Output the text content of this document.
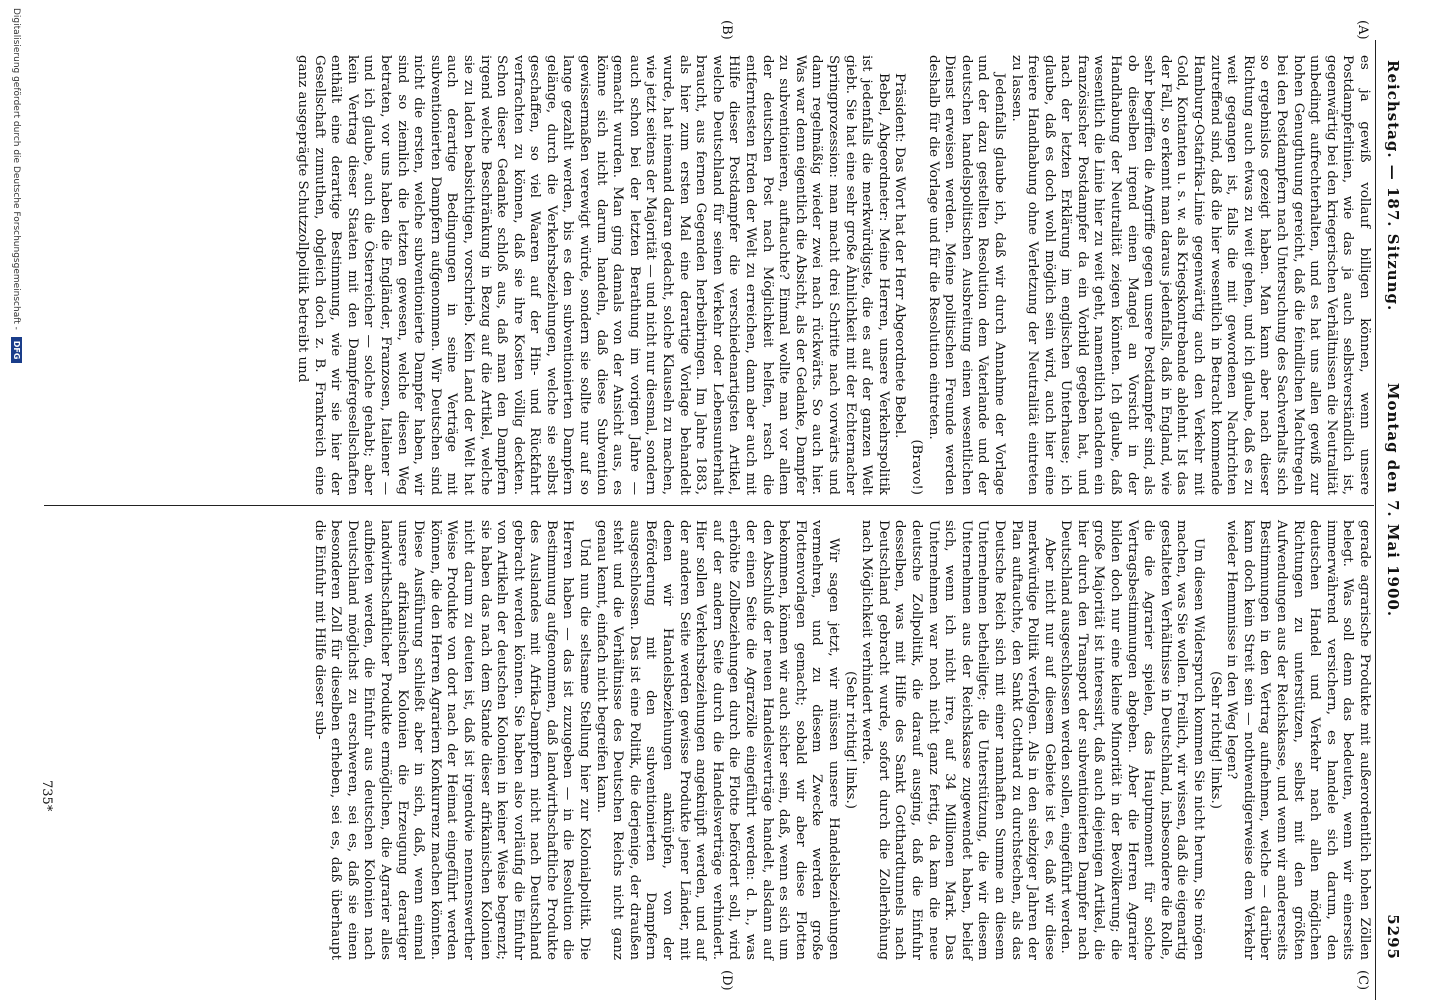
Reichstag. — 187. Sitzung.
Montag den 7. Mai 1900.
5295
(A)
(B)
(C)
(D)

es ja gewiß vollauf billigen können, wenn unsere Postdampferlinien, wie das ja auch selbstverständlich ist, gegenwärtig bei den kriegerischen Verhältnissen die Neutralität unbedingt aufrechterhalten, und es hat uns allen gewiß zur hohen Genugthuung gereicht, daß die feindlichen Machtregeln bei den Postdampfern nach Untersuchung des Sachverhalts sich so ergebnislos gezeigt haben. Man kann aber nach dieser Richtung auch etwas zu weit gehen, und ich glaube, daß es zu weit gegangen ist, falls die mit gewordenen Nachrichten zutreffend sind, daß die hier wesentlich in Betracht kommende Hamburg-Ostafrika-Linie gegenwärtig auch den Verkehr mit Gold, Kontanten u. s. w. als Kriegskontrebande ablehnt. Ist das der Fall, so erkennt man daraus jedenfalls, daß in England, wie sehr begriffen die Angriffe gegen unsere Postdampfer sind, als ob dieselben irgend einen Mangel an Vorsicht in der Handhabung der Neutralität zeigen könnten. Ich glaube, daß wesentlich die Linie hier zu weit geht, namentlich nachdem ein französischer Postdampfer da ein Vorbild gegeben hat, und nach der letzten Erklärung im englischen Unterhause; ich glaube, daß es doch wohl möglich sein wird, auch hier eine freiere Handhabung ohne Verletzung der Neutralität eintreten zu lassen.

Jedenfalls glaube ich, daß wir durch Annahme der Vorlage und der dazu gestellten Resolution dem Vaterlande und der deutschen handelspolitischen Ausbreitung einen wesentlichen Dienst erweisen werden. Meine politischen Freunde werden deshalb für die Vorlage und für die Resolution eintreten.

(Bravo!)

Präsident: Das Wort hat der Herr Abgeordnete Bebel.

Bebel, Abgeordneter: Meine Herren, unsere Verkehrspolitik ist jedenfalls die merkwürdigste, die es auf der ganzen Welt giebt. Sie hat eine sehr große Ähnlichkeit mit der Echternacher Springprozession: man macht drei Schritte nach vorwärts und dann regelmäßig wieder zwei nach rückwärts. So auch hier. Was war denn eigentlich die Absicht, als der Gedanke, Dampfer zu subventionieren, auftauchte? Einmal wollte man vor allem der deutschen Post nach Möglichkeit helfen, rasch die entferntesten Erden der Welt zu erreichen, dann aber auch mit Hilfe dieser Postdampfer die verschiedenartigsten Artikel, welche Deutschland für seinen Verkehr oder Lebensunterhalt braucht, aus fernen Gegenden herbeibringen. Im Jahre 1883, als hier zum ersten Mal eine derartige Vorlage behandelt wurde, hat niemand daran gedacht, solche Klauseln zu machen, wie jetzt seitens der Majorität — und nicht nur diesmal, sondern auch schon bei der letzten Berathung im vorigen Jahre — gemacht wurden. Man ging damals von der Ansicht aus, es könne sich nicht darum handeln, daß diese Subvention gewissermaßen verewigt würde, sondern sie sollte nur auf so lange gezahlt werden, bis es den subventionierten Dampfern gelänge, durch die Verkehrsbeziehungen, welche sie selbst geschaffen, so viel Waaren auf der Hin- und Rückfahrt verfrachten zu können, daß sie ihre Kosten völlig deckten. Schon dieser Gedanke schloß aus, daß man den Dampfern irgend welche Beschränkung in Bezug auf die Artikel, welche sie zu laden beabsichtigen, vorschrieb. Kein Land der Welt hat auch derartige Bedingungen in seine Verträge mit subventionierten Dampfern aufgenommen. Wir Deutschen sind nicht die ersten, welche subventionierte Dampfer haben, wir sind so ziemlich die letzten gewesen, welche diesen Weg betraten, vor uns haben die Engländer, Franzosen, Italiener — und ich glaube, auch die Österreicher — solche gehabt; aber kein Vertrag dieser Staaten mit den Dampfergesellschaften enthält eine derartige Bestimmung, wie wir sie hier der Gesellschaft zumuthen, obgleich doch z. B. Frankreich eine ganz ausgeprägte Schutzzollpolitik betreibt und

gerade agrarische Produkte mit außerordentlich hohen Zöllen belegt. Was soll denn das bedeuten, wenn wir einerseits immerwährend versichern, es handele sich darum, den deutschen Handel und Verkehr nach allen möglichen Richtungen zu unterstützen, selbst mit den größten Aufwendungen aus der Reichskasse, und wenn wir andererseits Bestimmungen in den Vertrag aufnehmen, welche — darüber kann doch kein Streit sein — nothwendigerweise dem Verkehr wieder Hemmnisse in den Weg legen?

(Sehr richtig! links.)

Um diesen Widerspruch kommen Sie nicht herum, Sie mögen machen, was Sie wollen. Freilich, wir wissen, daß die eigenartig gestalteten Verhältnisse in Deutschland, insbesondere die Rolle, die die Agrarier spielen, das Hauptmoment für solche Vertragsbestimmungen abgeben. Aber die Herren Agrarier bilden doch nur eine kleine Minorität in der Bevölkerung; die große Majorität ist interessirt, daß auch diejenigen Artikel, die hier durch den Transport der subventionierten Dampfer nach Deutschland ausgeschlossen werden sollen, eingeführt werden.

Aber nicht nur auf diesem Gebiete ist es, daß wir diese merkwürdige Politik verfolgen. Als in den siebziger Jahren der Plan auftauchte, den Sankt Gotthard zu durchstechen, als das Deutsche Reich sich mit einer namhaften Summe an diesem Unternehmen betheiligte; die Unterstützung, die wir diesem Unternehmen aus der Reichskasse zugewendet haben, belief sich, wenn ich nicht irre, auf 34 Millionen Mark. Das Unternehmen war noch nicht ganz fertig, da kam die neue deutsche Zollpolitik, die darauf ausging, daß die Einfuhr desselben, was mit Hilfe des Sankt Gotthardtunnels nach Deutschland gebracht wurde, sofort durch die Zollerhöhung nach Möglichkeit verhindert werde.

(Sehr richtig! links.)

Wir sagen jetzt, wir müssen unsere Handelsbeziehungen vermehren, und zu diesem Zwecke werden große Flottenvorlagen gemacht; sobald wir aber diese Flotten bekommen, können wir auch sicher sein, daß, wenn es sich um den Abschluß der neuen Handelsverträge handelt, alsdann auf der einen Seite die Agrarzölle eingeführt werden: d. h., was erhöhte Zollbeziehungen durch die Flotte befördert soll, wird auf der andern Seite durch die Handelsverträge verhindert. Hier sollen Verkehrsbeziehungen angeknüpft werden, und auf der anderen Seite werden gewisse Produkte jener Länder, mit denen wir Handelsbeziehungen anknüpfen, von der Beförderung mit den subventionierten Dampfern ausgeschlossen. Das ist eine Politik, die derjenige, der draußen steht und die Verhältnisse des Deutschen Reichs nicht ganz genau kennt, einfach nicht begreifen kann.

Und nun die seltsame Stellung hier zur Kolonialpolitik. Die Herren haben — das ist zuzugeben — in die Resolution die Bestimmung aufgenommen, daß landwirthschaftliche Produkte des Auslandes mit Afrika-Dampfern nicht nach Deutschland gebracht werden können. Sie haben also vorläufig die Einfuhr von Artikeln der deutschen Kolonien in keiner Weise begrenzt; sie haben das nach dem Stande dieser afrikanischen Kolonien nicht darum zu deuten ist, daß ist irgendwie nennenswerther Weise Produkte von dort nach der Heimat eingeführt werden können, die den Herren Agrariern Konkurrenz machen könnten. Diese Ausführung schließt aber in sich, daß, wenn einmal unsere afrikanischen Kolonien die Erzeugung derartiger landwirthschaftlicher Produkte ermöglichen, die Agrarier alles aufbieten werden, die Einfuhr aus deutschen Kolonien nach Deutschland möglichst zu erschweren, sei es, daß sie einen besonderen Zoll für dieselben erheben, sei es, daß überhaupt die Einfuhr mit Hilfe dieser sub-

735*
Digitalisierung gefördert durch die Deutsche Forschungsgemeinschaft - DFG
